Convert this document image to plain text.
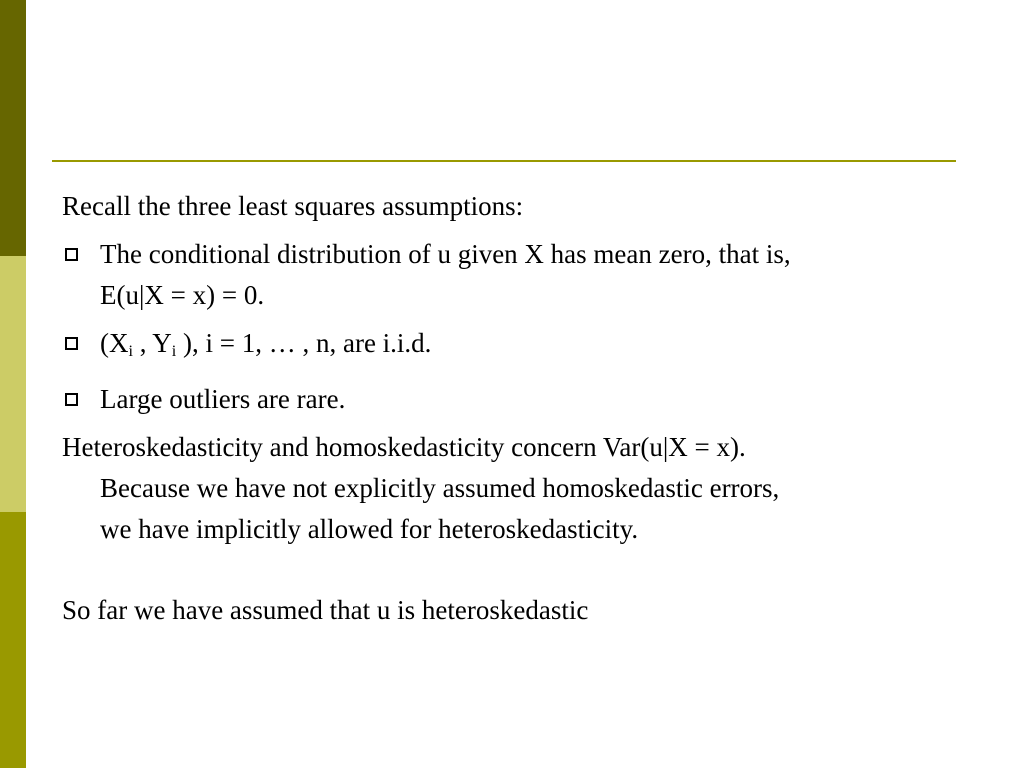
Recall the three least squares assumptions:

The conditional distribution of u given X has mean zero, that is,
E(u|X = x) = 0.
($X_i$ , $Y_i$ ), i = 1, … , n, are i.i.d.
Large outliers are rare.

Heteroskedasticity and homoskedasticity concern Var(u|X = x).
Because we have not explicitly assumed homoskedastic errors,
we have implicitly allowed for heteroskedasticity.

So far we have assumed that u is heteroskedastic
